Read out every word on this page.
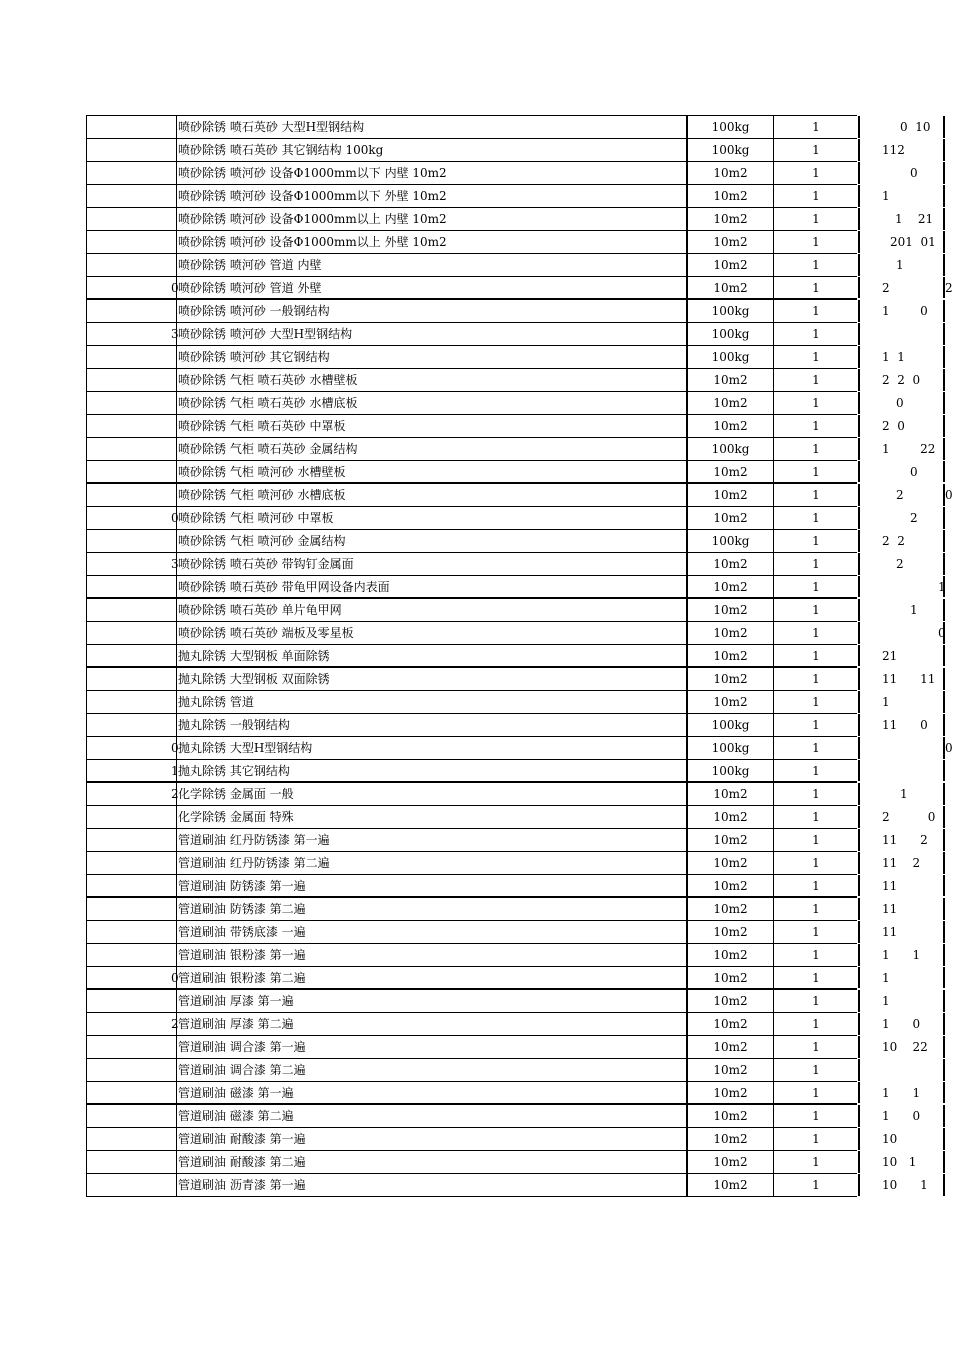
喷砂除锈 喷石英砂 大型H型钢结构	100kg	1	0  10
喷砂除锈 喷石英砂 其它钢结构 100kg	100kg	1	112
喷砂除锈 喷河砂 设备Φ1000mm以下 内壁 10m2	10m2	1	0
喷砂除锈 喷河砂 设备Φ1000mm以下 外壁 10m2	10m2	1	1
喷砂除锈 喷河砂 设备Φ1000mm以上 内壁 10m2	10m2	1	1    21
喷砂除锈 喷河砂 设备Φ1000mm以上 外壁 10m2	10m2	1	201  01
喷砂除锈 喷河砂 管道 内壁	10m2	1	1
0 喷砂除锈 喷河砂 管道 外壁	10m2	1	2	2
喷砂除锈 喷河砂 一般钢结构	100kg	1	1        0
3 喷砂除锈 喷河砂 大型H型钢结构	100kg	1
喷砂除锈 喷河砂 其它钢结构	100kg	1	1  1
喷砂除锈 气柜 喷石英砂 水槽壁板	10m2	1	2  2  0
喷砂除锈 气柜 喷石英砂 水槽底板	10m2	1	0
喷砂除锈 气柜 喷石英砂 中罩板	10m2	1	2  0
喷砂除锈 气柜 喷石英砂 金属结构	100kg	1	1        22
喷砂除锈 气柜 喷河砂 水槽壁板	10m2	1	0
喷砂除锈 气柜 喷河砂 水槽底板	10m2	1	2	0
0 喷砂除锈 气柜 喷河砂 中罩板	10m2	1	2
喷砂除锈 气柜 喷河砂 金属结构	100kg	1	2  2
3 喷砂除锈 喷石英砂 带钩钉金属面	10m2	1	2
喷砂除锈 喷石英砂 带龟甲网设备内表面	10m2	1	1
喷砂除锈 喷石英砂 单片龟甲网	10m2	1	1
喷砂除锈 喷石英砂 端板及零星板	10m2	1	0
抛丸除锈 大型钢板 单面除锈	10m2	1	21
抛丸除锈 大型钢板 双面除锈	10m2	1	11      11
抛丸除锈 管道	10m2	1	1
抛丸除锈 一般钢结构	100kg	1	11      0
0 抛丸除锈 大型H型钢结构	100kg	1	0
1 抛丸除锈 其它钢结构	100kg	1
2 化学除锈 金属面 一般	10m2	1	1
化学除锈 金属面 特殊	10m2	1	2          0
管道刷油 红丹防锈漆 第一遍	10m2	1	11      2
管道刷油 红丹防锈漆 第二遍	10m2	1	11    2
管道刷油 防锈漆 第一遍	10m2	1	11
管道刷油 防锈漆 第二遍	10m2	1	11
管道刷油 带锈底漆 一遍	10m2	1	11
管道刷油 银粉漆 第一遍	10m2	1	1      1
0 管道刷油 银粉漆 第二遍	10m2	1	1
管道刷油 厚漆 第一遍	10m2	1	1
2 管道刷油 厚漆 第二遍	10m2	1	1      0
管道刷油 调合漆 第一遍	10m2	1	10    22
管道刷油 调合漆 第二遍	10m2	1
管道刷油 磁漆 第一遍	10m2	1	1      1
管道刷油 磁漆 第二遍	10m2	1	1      0
管道刷油 耐酸漆 第一遍	10m2	1	10
管道刷油 耐酸漆 第二遍	10m2	1	10   1
管道刷油 沥青漆 第一遍	10m2	1	10      1
